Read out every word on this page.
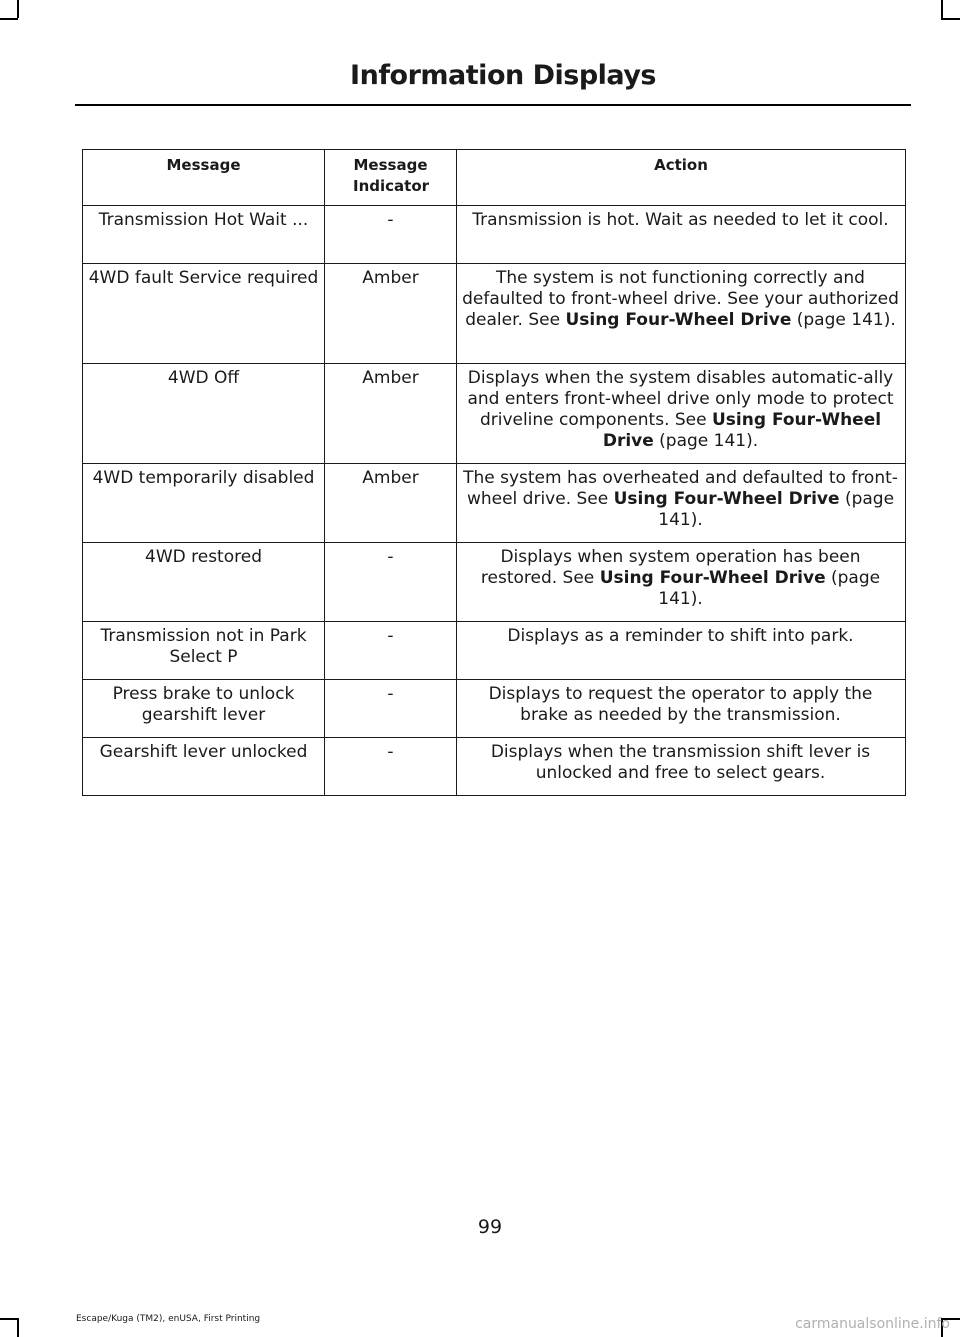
Information Displays
Message	Message Indicator	Action
Transmission Hot Wait ...	-	Transmission is hot. Wait as needed to let it cool.
4WD fault Service required	Amber	The system is not functioning correctly and defaulted to front-wheel drive. See your authorized dealer. See Using Four-Wheel Drive (page 141).
4WD Off	Amber	Displays when the system disables automatic-ally and enters front-wheel drive only mode to protect driveline components. See Using Four-Wheel Drive (page 141).
4WD temporarily disabled	Amber	The system has overheated and defaulted to front-wheel drive. See Using Four-Wheel Drive (page 141).
4WD restored	-	Displays when system operation has been restored. See Using Four-Wheel Drive (page 141).
Transmission not in Park Select P	-	Displays as a reminder to shift into park.
Press brake to unlock gearshift lever	-	Displays to request the operator to apply the brake as needed by the transmission.
Gearshift lever unlocked	-	Displays when the transmission shift lever is unlocked and free to select gears.
99
Escape/Kuga (TM2), enUSA, First Printing	carmanualsonline.info
